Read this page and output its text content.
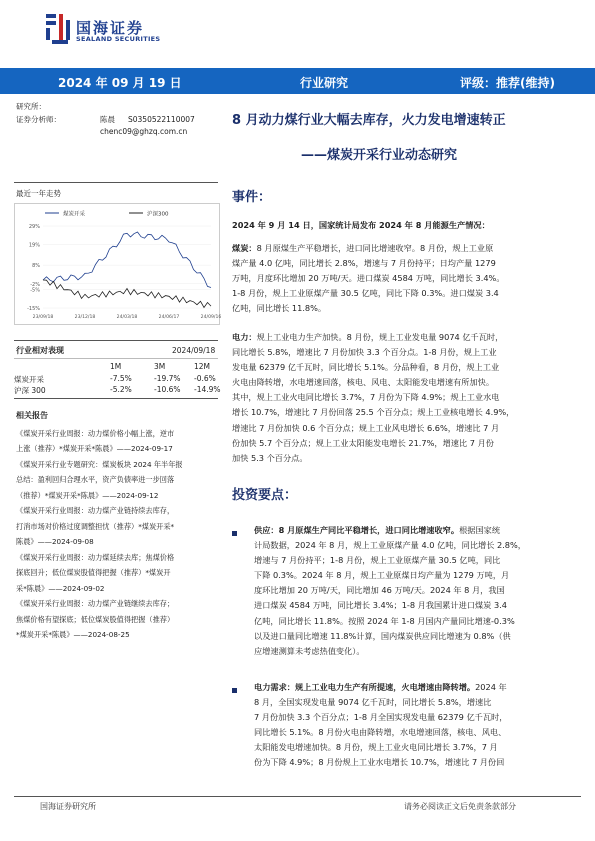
国海证券
SEALAND SECURITIES
2024 年 09 月 19 日	行业研究	评级：推荐(维持)
研究所：
证券分析师：	陈晨 S0350522110007
chenc09@ghzq.com.cn
8 月动力煤行业大幅去库存，火力发电增速转正
——煤炭开采行业动态研究
最近一年走势
煤炭开采	沪深300
29%
19%
8%
-2%
-5%
-15%
23/09/18	23/12/18	24/03/18	24/06/17	24/09/16
行业相对表现	2024/09/18
1M	3M	12M
煤炭开采	-7.5%	-19.7% -0.6%
沪深 300	-5.2%	-10.6% -14.9%

相关报告

《煤炭开采行业周报：动力煤价格小幅上涨，逆市

上涨（推荐）*煤炭开采*陈晨》——2024-09-17

《煤炭开采行业专题研究：煤炭板块 2024 年半年报

总结：盈利回归合理水平，资产负债率进一步回落

（推荐）*煤炭开采*陈晨》——2024-09-12

《煤炭开采行业周报：动力煤产业链持续去库存，

打消市场对价格过度调整担忧（推荐）*煤炭开采*

陈晨》——2024-09-08

《煤炭开采行业周报：动力煤延续去库；焦煤价格

探底回升；低位煤炭股值得把握（推荐）*煤炭开

采*陈晨》——2024-09-02

《煤炭开采行业周报：动力煤产业链继续去库存；

焦煤价格有望探底；低位煤炭股值得把握（推荐）

*煤炭开采*陈晨》——2024-08-25

事件：
2024 年 9 月 14 日，国家统计局发布 2024 年 8 月能源生产情况：

煤炭：8 月原煤生产平稳增长，进口同比增速收窄。8 月份，规上工业原

煤产量 4.0 亿吨，同比增长 2.8%，增速与 7 月份持平；日均产量 1279

万吨，月度环比增加 20 万吨/天。进口煤炭 4584 万吨，同比增长 3.4%。

1-8 月份，规上工业原煤产量 30.5 亿吨，同比下降 0.3%。进口煤炭 3.4

亿吨，同比增长 11.8%。

电力：规上工业电力生产加快。8 月份，规上工业发电量 9074 亿千瓦时，

同比增长 5.8%，增速比 7 月份加快 3.3 个百分点。1-8 月份，规上工业

发电量 62379 亿千瓦时，同比增长 5.1%。分品种看，8 月份，规上工业

火电由降转增，水电增速回落，核电、风电、太阳能发电增速有所加快。

其中，规上工业火电同比增长 3.7%，7 月份为下降 4.9%；规上工业水电

增长 10.7%，增速比 7 月份回落 25.5 个百分点；规上工业核电增长 4.9%，

增速比 7 月份加快 0.6 个百分点；规上工业风电增长 6.6%，增速比 7 月

份加快 5.7 个百分点；规上工业太阳能发电增长 21.7%，增速比 7 月份

加快 5.3 个百分点。

投资要点：

供应：8 月原煤生产同比平稳增长，进口同比增速收窄。根据国家统

计局数据，2024 年 8 月，规上工业原煤产量 4.0 亿吨，同比增长 2.8%，

增速与 7 月份持平；1-8 月份，规上工业原煤产量 30.5 亿吨，同比

下降 0.3%。2024 年 8 月，规上工业原煤日均产量为 1279 万吨，月

度环比增加 20 万吨/天，同比增加 46 万吨/天。2024 年 8 月，我国

进口煤炭 4584 万吨，同比增长 3.4%；1-8 月我国累计进口煤炭 3.4

亿吨，同比增长 11.8%。按照 2024 年 1-8 月国内产量同比增速-0.3%

以及进口量同比增速 11.8%计算，国内煤炭供应同比增速为 0.8%（供

应增速测算未考虑热值变化）。

电力需求：规上工业电力生产有所提速，火电增速由降转增。2024 年

8 月，全国实现发电量 9074 亿千瓦时，同比增长 5.8%，增速比

7 月份加快 3.3 个百分点；1-8 月全国实现发电量 62379 亿千瓦时，

同比增长 5.1%。8 月份火电由降转增，水电增速回落，核电、风电、

太阳能发电增速加快。8 月份，规上工业火电同比增长 3.7%，7 月

份为下降 4.9%；8 月份规上工业水电增长 10.7%，增速比 7 月份回

国海证券研究所	请务必阅读正文后免责条款部分
